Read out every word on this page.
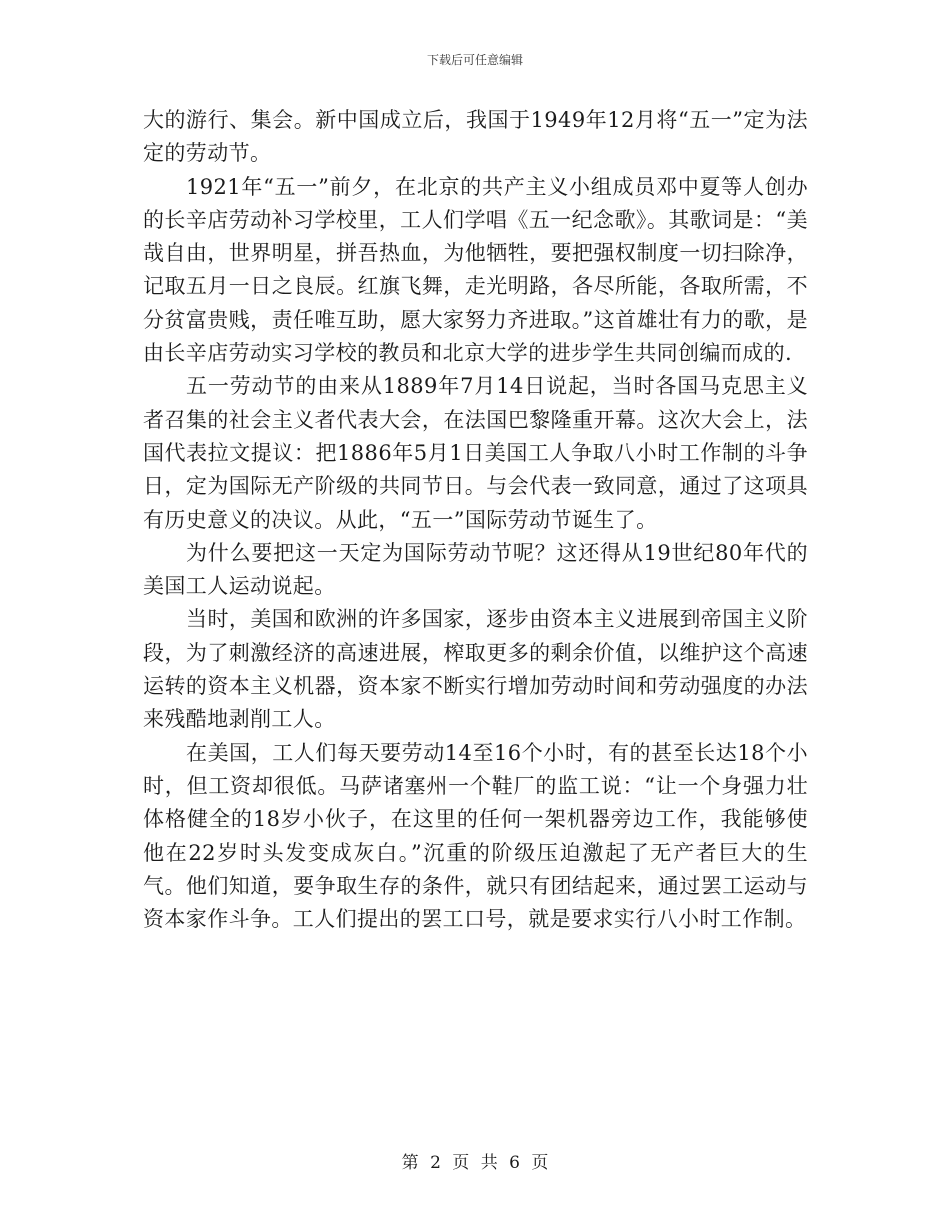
下载后可任意编辑

大的游行、集会。新中国成立后，我国于1949年12月将“五一”定为法定的劳动节。

1921年“五一”前夕，在北京的共产主义小组成员邓中夏等人创办的长辛店劳动补习学校里，工人们学唱《五一纪念歌》。其歌词是：“美哉自由，世界明星，拼吾热血，为他牺牲，要把强权制度一切扫除净，记取五月一日之良辰。红旗飞舞，走光明路，各尽所能，各取所需，不分贫富贵贱，责任唯互助，愿大家努力齐进取。”这首雄壮有力的歌，是由长辛店劳动实习学校的教员和北京大学的进步学生共同创编而成的.

五一劳动节的由来从1889年7月14日说起，当时各国马克思主义者召集的社会主义者代表大会，在法国巴黎隆重开幕。这次大会上，法国代表拉文提议：把1886年5月1日美国工人争取八小时工作制的斗争日，定为国际无产阶级的共同节日。与会代表一致同意，通过了这项具有历史意义的决议。从此，“五一”国际劳动节诞生了。

为什么要把这一天定为国际劳动节呢？这还得从19世纪80年代的美国工人运动说起。

当时，美国和欧洲的许多国家，逐步由资本主义进展到帝国主义阶段，为了刺激经济的高速进展，榨取更多的剩余价值，以维护这个高速运转的资本主义机器，资本家不断实行增加劳动时间和劳动强度的办法来残酷地剥削工人。

在美国，工人们每天要劳动14至16个小时，有的甚至长达18个小时，但工资却很低。马萨诸塞州一个鞋厂的监工说：“让一个身强力壮体格健全的18岁小伙子，在这里的任何一架机器旁边工作，我能够使他在22岁时头发变成灰白。”沉重的阶级压迫激起了无产者巨大的生气。他们知道，要争取生存的条件，就只有团结起来，通过罢工运动与资本家作斗争。工人们提出的罢工口号，就是要求实行八小时工作制。

第 2 页 共 6 页
